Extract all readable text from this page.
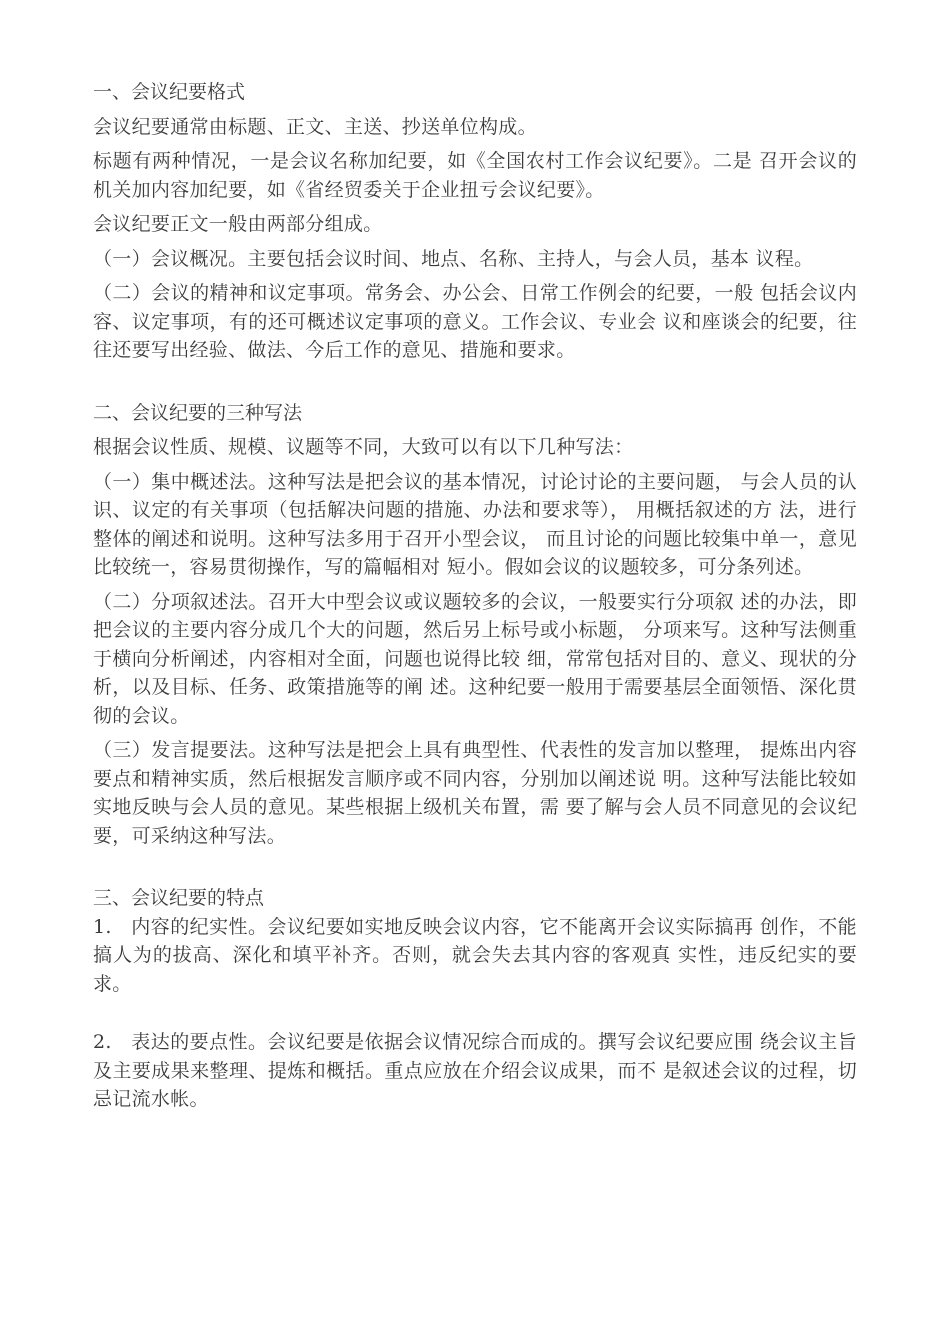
一、会议纪要格式

会议纪要通常由标题、正文、主送、抄送单位构成。

标题有两种情况，一是会议名称加纪要，如《全国农村工作会议纪要》。二是 召开会议的机关加内容加纪要，如《省经贸委关于企业扭亏会议纪要》。

会议纪要正文一般由两部分组成。

（一）会议概况。主要包括会议时间、地点、名称、主持人，与会人员，基本 议程。

（二）会议的精神和议定事项。常务会、办公会、日常工作例会的纪要，一般 包括会议内容、议定事项，有的还可概述议定事项的意义。工作会议、专业会 议和座谈会的纪要，往往还要写出经验、做法、今后工作的意见、措施和要求。

二、会议纪要的三种写法

根据会议性质、规模、议题等不同，大致可以有以下几种写法：

（一）集中概述法。这种写法是把会议的基本情况，讨论讨论的主要问题， 与会人员的认识、议定的有关事项（包括解决问题的措施、办法和要求等）， 用概括叙述的方 法，进行整体的阐述和说明。这种写法多用于召开小型会议， 而且讨论的问题比较集中单一，意见比较统一，容易贯彻操作，写的篇幅相对 短小。假如会议的议题较多，可分条列述。

（二）分项叙述法。召开大中型会议或议题较多的会议，一般要实行分项叙 述的办法，即把会议的主要内容分成几个大的问题，然后另上标号或小标题， 分项来写。这种写法侧重于横向分析阐述，内容相对全面，问题也说得比较 细，常常包括对目的、意义、现状的分析，以及目标、任务、政策措施等的阐 述。这种纪要一般用于需要基层全面领悟、深化贯彻的会议。

（三）发言提要法。这种写法是把会上具有典型性、代表性的发言加以整理， 提炼出内容要点和精神实质，然后根据发言顺序或不同内容，分别加以阐述说 明。这种写法能比较如实地反映与会人员的意见。某些根据上级机关布置，需 要了解与会人员不同意见的会议纪要，可采纳这种写法。

三、会议纪要的特点

1.　内容的纪实性。会议纪要如实地反映会议内容，它不能离开会议实际搞再 创作，不能搞人为的拔高、深化和填平补齐。否则，就会失去其内容的客观真 实性，违反纪实的要求。

2.　表达的要点性。会议纪要是依据会议情况综合而成的。撰写会议纪要应围 绕会议主旨及主要成果来整理、提炼和概括。重点应放在介绍会议成果，而不 是叙述会议的过程，切忌记流水帐。
